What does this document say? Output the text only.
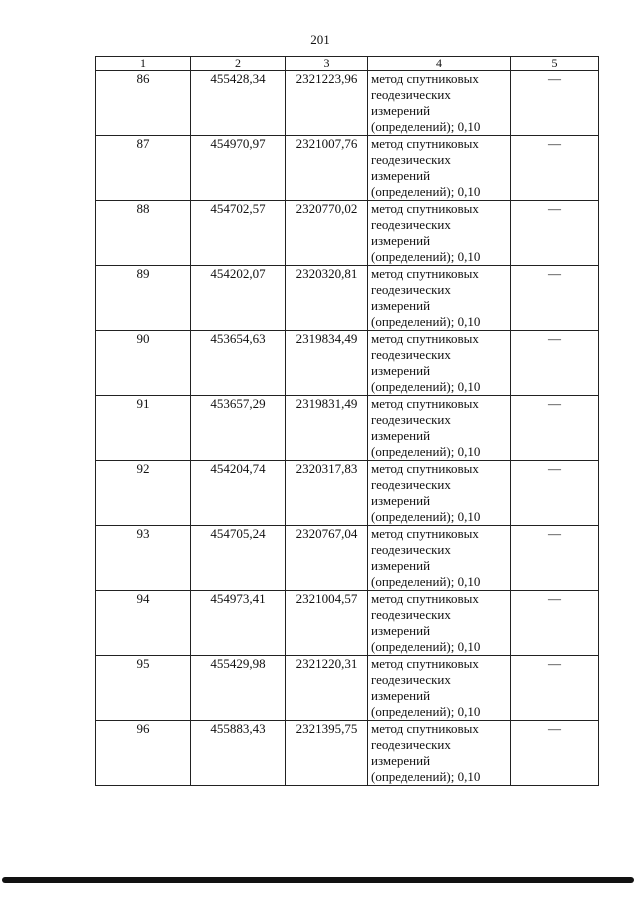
201
1	2	3	4	5
86	455428,34	2321223,96	метод спутниковых
геодезических
измерений
(определений); 0,10	—
87	454970,97	2321007,76	метод спутниковых
геодезических
измерений
(определений); 0,10	—
88	454702,57	2320770,02	метод спутниковых
геодезических
измерений
(определений); 0,10	—
89	454202,07	2320320,81	метод спутниковых
геодезических
измерений
(определений); 0,10	—
90	453654,63	2319834,49	метод спутниковых
геодезических
измерений
(определений); 0,10	—
91	453657,29	2319831,49	метод спутниковых
геодезических
измерений
(определений); 0,10	—
92	454204,74	2320317,83	метод спутниковых
геодезических
измерений
(определений); 0,10	—
93	454705,24	2320767,04	метод спутниковых
геодезических
измерений
(определений); 0,10	—
94	454973,41	2321004,57	метод спутниковых
геодезических
измерений
(определений); 0,10	—
95	455429,98	2321220,31	метод спутниковых
геодезических
измерений
(определений); 0,10	—
96	455883,43	2321395,75	метод спутниковых
геодезических
измерений
(определений); 0,10	—
